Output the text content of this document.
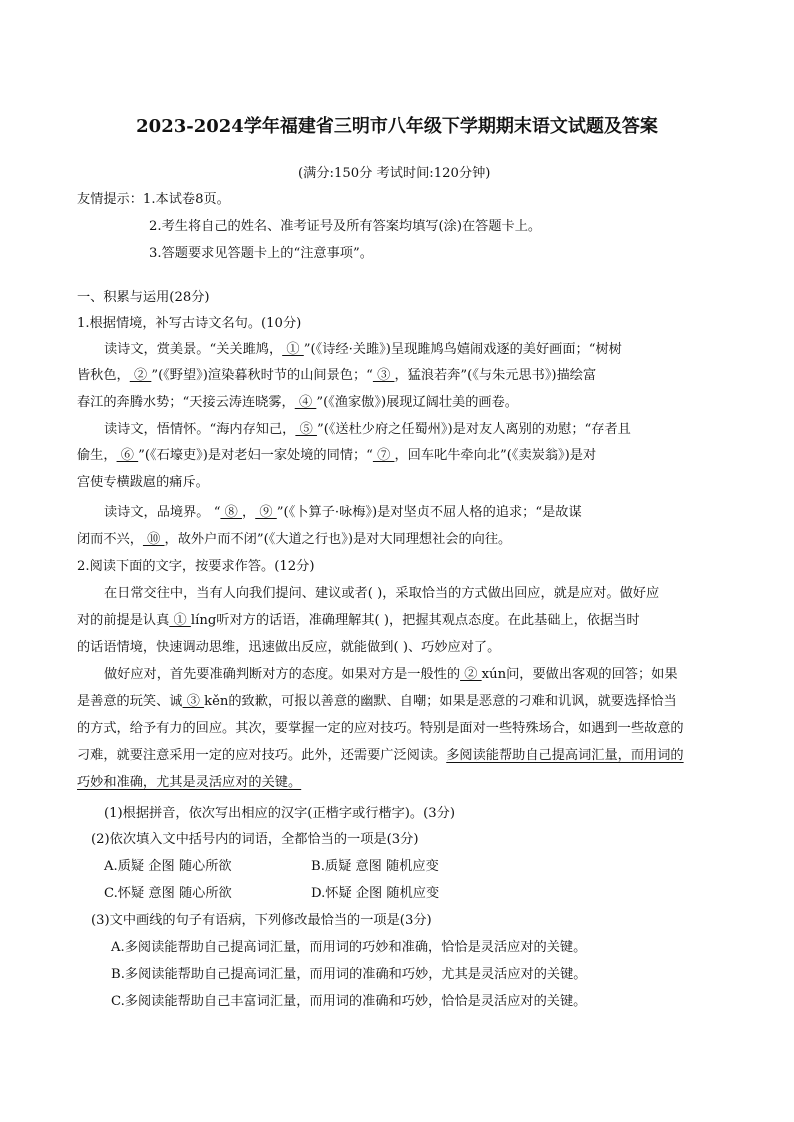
2023-2024学年福建省三明市八年级下学期期末语文试题及答案
(满分:150分 考试时间:120分钟)
友情提示：1.本试卷8页。
2.考生将自己的姓名、准考证号及所有答案均填写(涂)在答题卡上。
3.答题要求见答题卡上的“注意事项”。
一、积累与运用(28分)
1.根据情境，补写古诗文名句。(10分)
读诗文，赏美景。“关关雎鸠， ① ”(《诗经·关雎》)呈现雎鸠鸟嬉闹戏逐的美好画面；“树树
皆秋色， ② ”(《野望》)渲染暮秋时节的山间景色；“ ③ ，猛浪若奔”(《与朱元思书》)描绘富
春江的奔腾水势；“天接云涛连晓雾， ④ ”(《渔家傲》)展现辽阔壮美的画卷。
读诗文，悟情怀。“海内存知己， ⑤ ”(《送杜少府之任蜀州》)是对友人离别的劝慰；“存者且
偷生， ⑥ ”(《石壕吏》)是对老妇一家处境的同情；“ ⑦ ，回车叱牛牵向北”(《卖炭翁》)是对
宫使专横跋扈的痛斥。
读诗文，品境界。 “ ⑧ ， ⑨ ”(《卜算子·咏梅》)是对坚贞不屈人格的追求；“是故谋
闭而不兴， ⑩ ，故外户而不闭”(《大道之行也》)是对大同理想社会的向往。
2.阅读下面的文字，按要求作答。(12分)
在日常交往中，当有人向我们提问、建议或者( )，采取恰当的方式做出回应，就是应对。做好应
对的前提是认真 ① líng听对方的话语，准确理解其( )，把握其观点态度。在此基础上，依据当时
的话语情境，快速调动思维，迅速做出反应，就能做到( )、巧妙应对了。
做好应对，首先要准确判断对方的态度。如果对方是一般性的 ② xún问，要做出客观的回答；如果
是善意的玩笑、诚 ③ kěn的致歉，可报以善意的幽默、自嘲；如果是恶意的刁难和讥讽，就要选择恰当
的方式，给予有力的回应。其次，要掌握一定的应对技巧。特别是面对一些特殊场合，如遇到一些故意的
刁难，就要注意采用一定的应对技巧。此外，还需要广泛阅读。多阅读能帮助自己提高词汇量，而用词的
巧妙和准确，尤其是灵活应对的关键。
(1)根据拼音，依次写出相应的汉字(正楷字或行楷字)。(3分)
(2)依次填入文中括号内的词语，全都恰当的一项是(3分)
A.质疑 企图 随心所欲	B.质疑 意图 随机应变
C.怀疑 意图 随心所欲	D.怀疑 企图 随机应变
(3)文中画线的句子有语病，下列修改最恰当的一项是(3分)
A.多阅读能帮助自己提高词汇量，而用词的巧妙和准确，恰恰是灵活应对的关键。
B.多阅读能帮助自己提高词汇量，而用词的准确和巧妙，尤其是灵活应对的关键。
C.多阅读能帮助自己丰富词汇量，而用词的准确和巧妙，恰恰是灵活应对的关键。
